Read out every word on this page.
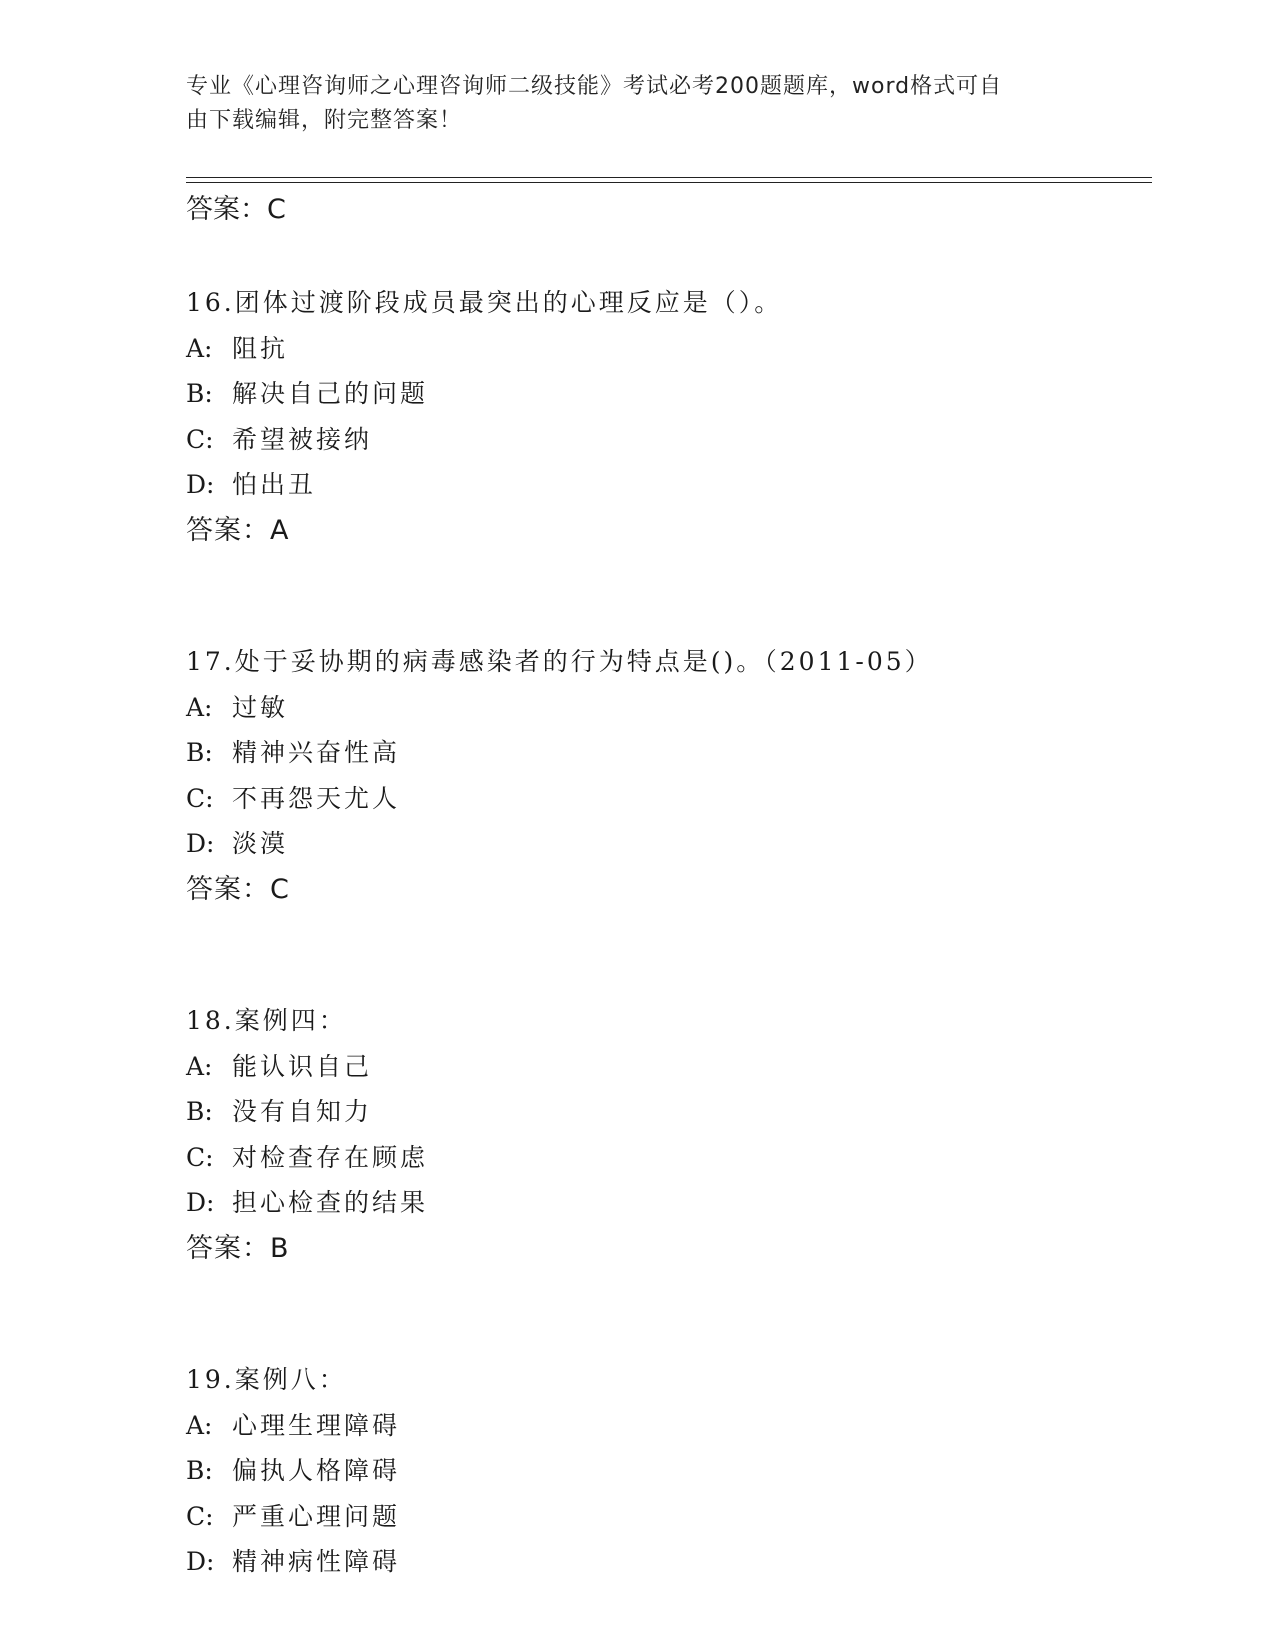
专业《心理咨询师之心理咨询师二级技能》考试必考200题题库，word格式可自
由下载编辑，附完整答案！
答案：C
16.团体过渡阶段成员最突出的心理反应是（）。
A: 阻抗
B: 解决自己的问题
C: 希望被接纳
D: 怕出丑
答案：A
17.处于妥协期的病毒感染者的行为特点是()。（2011-05）
A: 过敏
B: 精神兴奋性高
C: 不再怨天尤人
D: 淡漠
答案：C
18.案例四：
A: 能认识自己
B: 没有自知力
C: 对检查存在顾虑
D: 担心检查的结果
答案：B
19.案例八：
A: 心理生理障碍
B: 偏执人格障碍
C: 严重心理问题
D: 精神病性障碍
